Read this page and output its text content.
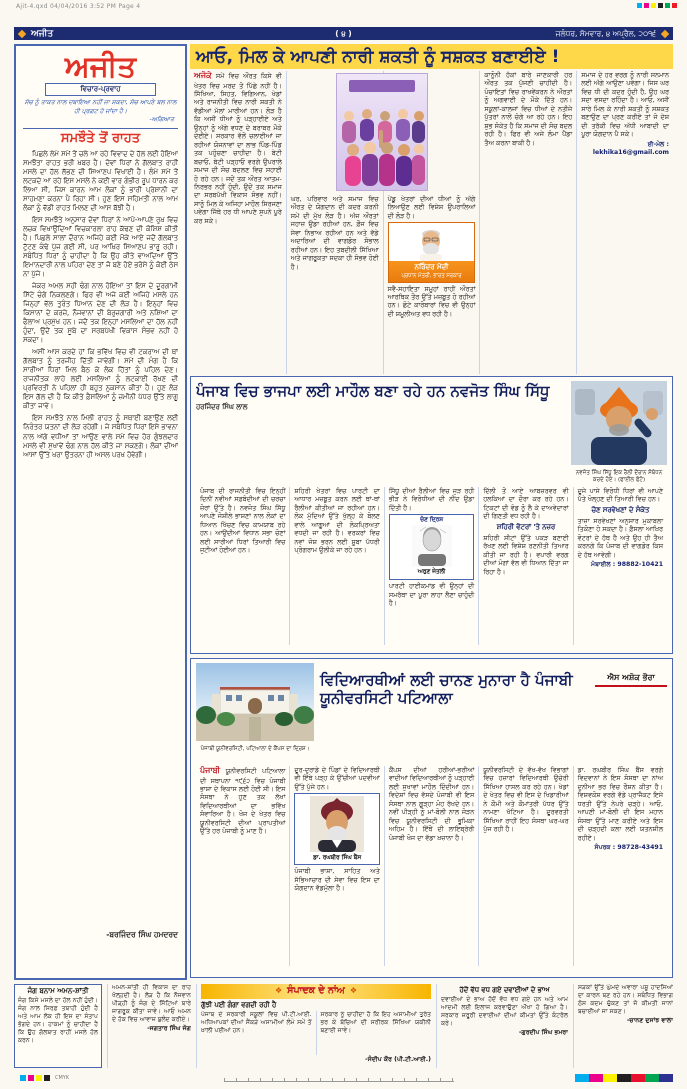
Ajit-4.qxd 04/04/2016 3:52 PM Page 4
ਅਜੀਤ	( ੪ )	ਜਲੰਧਰ, ਸੋਮਵਾਰ, ੪ ਅਪ੍ਰੈਲ, ੨੦੧੬
ਅਜੀਤ
ਵਿਚਾਰ-ਪ੍ਰਵਾਹ
ਸੱਚ ਨੂੰ ਤਾਕਤ ਨਾਲ ਦਬਾਇਆ ਨਹੀਂ ਜਾ ਸਕਦਾ, ਸੱਚ ਆਪਣੇ ਬਲ ਨਾਲ ਹੀ ਪ੍ਰਗਟ ਹੋ ਜਾਂਦਾ ਹੈ।
-ਅਗਿਆਤ
ਸਮਝੌਤੇ ਤੋਂ ਰਾਹਤ

ਪਿਛਲੇ ਲੰਮੇ ਸਮੇਂ ਤੋਂ ਚਲੇ ਆ ਰਹੇ ਵਿਵਾਦ ਦੇ ਹੱਲ ਲਈ ਹੋਇਆ ਸਮਝੌਤਾ ਰਾਹਤ ਭਰੀ ਖ਼ਬਰ ਹੈ। ਦੋਵਾਂ ਧਿਰਾਂ ਨੇ ਗੱਲਬਾਤ ਰਾਹੀਂ ਮਸਲੇ ਦਾ ਹੱਲ ਲੱਭਣ ਦੀ ਸਿਆਣਪ ਵਿਖਾਈ ਹੈ। ਲੰਮੇ ਸਮੇਂ ਤੋਂ ਲਟਕਦੇ ਆ ਰਹੇ ਇਸ ਮਸਲੇ ਨੇ ਕਈ ਵਾਰ ਗੰਭੀਰ ਰੂਪ ਧਾਰਨ ਕਰ ਲਿਆ ਸੀ, ਜਿਸ ਕਾਰਨ ਆਮ ਲੋਕਾਂ ਨੂੰ ਭਾਰੀ ਪ੍ਰੇਸ਼ਾਨੀ ਦਾ ਸਾਹਮਣਾ ਕਰਨਾ ਪੈ ਰਿਹਾ ਸੀ। ਹੁਣ ਇਸ ਸਹਿਮਤੀ ਨਾਲ ਆਮ ਲੋਕਾਂ ਨੂੰ ਵੱਡੀ ਰਾਹਤ ਮਿਲਣ ਦੀ ਆਸ ਬੱਝੀ ਹੈ।

ਇਸ ਸਮਝੌਤੇ ਅਨੁਸਾਰ ਦੋਵਾਂ ਧਿਰਾਂ ਨੇ ਆਪੋ-ਆਪਣੇ ਰੁਖ਼ ਵਿਚ ਲਚਕ ਵਿਖਾਉਂਦਿਆਂ ਵਿਚਕਾਰਲਾ ਰਾਹ ਕੱਢਣ ਦੀ ਕੋਸ਼ਿਸ਼ ਕੀਤੀ ਹੈ। ਪਿਛਲੇ ਸਾਲਾਂ ਦੌਰਾਨ ਅਜਿਹੇ ਕਈ ਮੌਕੇ ਆਏ ਜਦੋਂ ਗੱਲਬਾਤ ਟੁੱਟਣ ਕੰਢੇ ਪੁੱਜ ਗਈ ਸੀ, ਪਰ ਆਖ਼ਿਰ ਸਿਆਣਪ ਭਾਰੂ ਰਹੀ। ਸਬੰਧਿਤ ਧਿਰਾਂ ਨੂੰ ਚਾਹੀਦਾ ਹੈ ਕਿ ਉਹ ਕੀਤੇ ਵਾਅਦਿਆਂ ਉੱਤੇ ਇਮਾਨਦਾਰੀ ਨਾਲ ਪਹਿਰਾ ਦੇਣ ਤਾਂ ਜੋ ਬਣੇ ਹੋਏ ਭਰੋਸੇ ਨੂੰ ਕੋਈ ਠੇਸ ਨਾ ਪੁੱਜੇ।

ਜੇਕਰ ਅਮਲ ਸਹੀ ਢੰਗ ਨਾਲ ਹੋਇਆ ਤਾਂ ਇਸ ਦੇ ਦੂਰਗਾਮੀ ਸਿੱਟੇ ਚੰਗੇ ਨਿਕਲਣਗੇ। ਫਿਰ ਵੀ ਅਜੇ ਕਈ ਅਜਿਹੇ ਮਸਲੇ ਹਨ ਜਿਨ੍ਹਾਂ ਵੱਲ ਤੁਰੰਤ ਧਿਆਨ ਦੇਣ ਦੀ ਲੋੜ ਹੈ। ਇਨ੍ਹਾਂ ਵਿਚ ਕਿਸਾਨਾਂ ਦੇ ਕਰਜ਼ੇ, ਨੌਜਵਾਨਾਂ ਦੀ ਬੇਰੁਜ਼ਗਾਰੀ ਅਤੇ ਨਸ਼ਿਆਂ ਦਾ ਫੈਲਾਅ ਪ੍ਰਮੁੱਖ ਹਨ। ਜਦੋਂ ਤਕ ਇਨ੍ਹਾਂ ਮਸਲਿਆਂ ਦਾ ਹੱਲ ਨਹੀਂ ਹੁੰਦਾ, ਉਦੋਂ ਤਕ ਸੂਬੇ ਦਾ ਸਰਬਪੱਖੀ ਵਿਕਾਸ ਸੰਭਵ ਨਹੀਂ ਹੋ ਸਕਦਾ।

ਅਸੀਂ ਆਸ ਕਰਦੇ ਹਾਂ ਕਿ ਭਵਿੱਖ ਵਿਚ ਵੀ ਟਕਰਾਅ ਦੀ ਥਾਂ ਗੱਲਬਾਤ ਨੂੰ ਤਰਜੀਹ ਦਿੱਤੀ ਜਾਵੇਗੀ। ਸਮੇਂ ਦੀ ਮੰਗ ਹੈ ਕਿ ਸਾਰੀਆਂ ਧਿਰਾਂ ਮਿਲ ਬੈਠ ਕੇ ਲੋਕ ਹਿੱਤਾਂ ਨੂੰ ਪਹਿਲ ਦੇਣ। ਰਾਜਨੀਤਕ ਲਾਹੇ ਲਈ ਮਸਲਿਆਂ ਨੂੰ ਲਟਕਾਈ ਰੱਖਣ ਦੀ ਪ੍ਰਵਿਰਤੀ ਨੇ ਪਹਿਲਾਂ ਹੀ ਬਹੁਤ ਨੁਕਸਾਨ ਕੀਤਾ ਹੈ। ਹੁਣ ਲੋੜ ਇਸ ਗੱਲ ਦੀ ਹੈ ਕਿ ਕੀਤੇ ਫ਼ੈਸਲਿਆਂ ਨੂੰ ਜ਼ਮੀਨੀ ਪੱਧਰ ਉੱਤੇ ਲਾਗੂ ਕੀਤਾ ਜਾਵੇ।

ਇਸ ਸਮਝੌਤੇ ਨਾਲ ਮਿਲੀ ਰਾਹਤ ਨੂੰ ਸਥਾਈ ਬਣਾਉਣ ਲਈ ਨਿਰੰਤਰ ਯਤਨਾਂ ਦੀ ਲੋੜ ਰਹੇਗੀ। ਜੇ ਸਬੰਧਿਤ ਧਿਰਾਂ ਇਸੇ ਭਾਵਨਾ ਨਾਲ ਅੱਗੇ ਵਧੀਆਂ ਤਾਂ ਆਉਣ ਵਾਲੇ ਸਮੇਂ ਵਿਚ ਹੋਰ ਗੁੰਝਲਦਾਰ ਮਸਲੇ ਵੀ ਸੁਖਾਵੇਂ ਢੰਗ ਨਾਲ ਹੱਲ ਕੀਤੇ ਜਾ ਸਕਣਗੇ। ਲੋਕਾਂ ਦੀਆਂ ਆਸਾਂ ਉੱਤੇ ਖਰਾ ਉਤਰਨਾ ਹੀ ਅਸਲ ਪਰਖ ਹੋਵੇਗੀ।

-ਬਰਜਿੰਦਰ ਸਿੰਘ ਹਮਦਰਦ
ਆਓ, ਮਿਲ ਕੇ ਆਪਣੀ ਨਾਰੀ ਸ਼ਕਤੀ ਨੂੰ ਸਸ਼ਕਤ ਬਣਾਈਏ !
ਅਜੋਕੇ ਸਮੇਂ ਵਿਚ ਔਰਤ ਕਿਸੇ ਵੀ ਖੇਤਰ ਵਿਚ ਮਰਦ ਤੋਂ ਪਿੱਛੇ ਨਹੀਂ ਹੈ। ਸਿੱਖਿਆ, ਸਿਹਤ, ਵਿਗਿਆਨ, ਖੇਡਾਂ ਅਤੇ ਰਾਜਨੀਤੀ ਵਿਚ ਨਾਰੀ ਸ਼ਕਤੀ ਨੇ ਵੱਡੀਆਂ ਮੱਲਾਂ ਮਾਰੀਆਂ ਹਨ। ਲੋੜ ਹੈ ਕਿ ਅਸੀਂ ਧੀਆਂ ਨੂੰ ਪੜ੍ਹਾਈਏ ਅਤੇ ਉਨ੍ਹਾਂ ਨੂੰ ਅੱਗੇ ਵਧਣ ਦੇ ਬਰਾਬਰ ਮੌਕੇ ਦੇਈਏ। ਸਰਕਾਰ ਵੱਲੋਂ ਚਲਾਈਆਂ ਜਾ ਰਹੀਆਂ ਯੋਜਨਾਵਾਂ ਦਾ ਲਾਭ ਪਿੰਡ-ਪਿੰਡ ਤਕ ਪਹੁੰਚਣਾ ਚਾਹੀਦਾ ਹੈ। ਬੇਟੀ ਬਚਾਓ, ਬੇਟੀ ਪੜ੍ਹਾਓ ਵਰਗੇ ਉਪਰਾਲੇ ਸਮਾਜ ਦੀ ਸੋਚ ਬਦਲਣ ਵਿਚ ਸਹਾਈ ਹੋ ਰਹੇ ਹਨ। ਜਦੋਂ ਤਕ ਔਰਤ ਆਤਮ-ਨਿਰਭਰ ਨਹੀਂ ਹੁੰਦੀ, ਉਦੋਂ ਤਕ ਸਮਾਜ ਦਾ ਸਰਬਪੱਖੀ ਵਿਕਾਸ ਸੰਭਵ ਨਹੀਂ। ਸਾਨੂੰ ਮਿਲ ਕੇ ਅਜਿਹਾ ਮਾਹੌਲ ਸਿਰਜਣਾ ਪਵੇਗਾ ਜਿੱਥੇ ਹਰ ਧੀ ਆਪਣੇ ਸੁਪਨੇ ਪੂਰੇ ਕਰ ਸਕੇ।
ਘਰ, ਪਰਿਵਾਰ ਅਤੇ ਸਮਾਜ ਵਿਚ ਔਰਤ ਦੇ ਯੋਗਦਾਨ ਦੀ ਕਦਰ ਕਰਨੀ ਸਮੇਂ ਦੀ ਮੁੱਖ ਲੋੜ ਹੈ। ਅੱਜ ਔਰਤਾਂ ਜਹਾਜ਼ ਉਡਾ ਰਹੀਆਂ ਹਨ, ਫ਼ੌਜ ਵਿਚ ਸੇਵਾ ਨਿਭਾਅ ਰਹੀਆਂ ਹਨ ਅਤੇ ਵੱਡੇ ਅਦਾਰਿਆਂ ਦੀ ਵਾਗਡੋਰ ਸੰਭਾਲ ਰਹੀਆਂ ਹਨ। ਇਹ ਤਬਦੀਲੀ ਸਿੱਖਿਆ ਅਤੇ ਜਾਗਰੂਕਤਾ ਸਦਕਾ ਹੀ ਸੰਭਵ ਹੋਈ ਹੈ।
ਪੇਂਡੂ ਖੇਤਰਾਂ ਦੀਆਂ ਧੀਆਂ ਨੂੰ ਅੱਗੇ ਲਿਆਉਣ ਲਈ ਵਿਸ਼ੇਸ਼ ਉਪਰਾਲਿਆਂ ਦੀ ਲੋੜ ਹੈ।
ਨਰਿੰਦਰ ਮੋਦੀ
ਪ੍ਰਧਾਨ ਮੰਤਰੀ, ਭਾਰਤ ਸਰਕਾਰ
ਸਵੈ-ਸਹਾਇਤਾ ਸਮੂਹਾਂ ਰਾਹੀਂ ਔਰਤਾਂ ਆਰਥਿਕ ਤੌਰ ਉੱਤੇ ਮਜ਼ਬੂਤ ਹੋ ਰਹੀਆਂ ਹਨ। ਛੋਟੇ ਕਾਰੋਬਾਰਾਂ ਵਿਚ ਵੀ ਉਨ੍ਹਾਂ ਦੀ ਸ਼ਮੂਲੀਅਤ ਵਧ ਰਹੀ ਹੈ।
ਕਾਨੂੰਨੀ ਹੱਕਾਂ ਬਾਰੇ ਜਾਣਕਾਰੀ ਹਰ ਔਰਤ ਤਕ ਪੁੱਜਣੀ ਚਾਹੀਦੀ ਹੈ। ਪੰਚਾਇਤਾਂ ਵਿਚ ਰਾਖਵੇਂਕਰਨ ਨੇ ਔਰਤਾਂ ਨੂੰ ਅਗਵਾਈ ਦੇ ਮੌਕੇ ਦਿੱਤੇ ਹਨ। ਸਕੂਲਾਂ-ਕਾਲਜਾਂ ਵਿਚ ਧੀਆਂ ਦੇ ਨਤੀਜੇ ਪੁੱਤਰਾਂ ਨਾਲੋਂ ਚੰਗੇ ਆ ਰਹੇ ਹਨ। ਇਹ ਸ਼ੁਭ ਸੰਕੇਤ ਹੈ ਕਿ ਸਮਾਜ ਦੀ ਸੋਚ ਬਦਲ ਰਹੀ ਹੈ। ਫਿਰ ਵੀ ਅਜੇ ਲੰਮਾ ਪੈਂਡਾ ਤੈਅ ਕਰਨਾ ਬਾਕੀ ਹੈ।
ਸਮਾਜ ਦੇ ਹਰ ਵਰਗ ਨੂੰ ਨਾਰੀ ਸਨਮਾਨ ਲਈ ਅੱਗੇ ਆਉਣਾ ਪਵੇਗਾ। ਜਿਸ ਘਰ ਵਿਚ ਧੀ ਦੀ ਕਦਰ ਹੁੰਦੀ ਹੈ, ਉਹ ਘਰ ਸਦਾ ਵਸਦਾ ਰਹਿੰਦਾ ਹੈ। ਆਓ, ਅਸੀਂ ਸਾਰੇ ਮਿਲ ਕੇ ਨਾਰੀ ਸ਼ਕਤੀ ਨੂੰ ਸਸ਼ਕਤ ਬਣਾਉਣ ਦਾ ਪ੍ਰਣ ਕਰੀਏ ਤਾਂ ਜੋ ਦੇਸ਼ ਦੀ ਤਰੱਕੀ ਵਿਚ ਅੱਧੀ ਆਬਾਦੀ ਦਾ ਪੂਰਾ ਯੋਗਦਾਨ ਪੈ ਸਕੇ।
ਈ-ਮੇਲ : lekhika16@gmail.com
ਪੰਜਾਬ ਵਿਚ ਭਾਜਪਾ ਲਈ ਮਾਹੌਲ ਬਣਾ ਰਹੇ ਹਨ ਨਵਜੋਤ ਸਿੰਘ ਸਿੱਧੂ
ਹਰਜਿੰਦਰ ਸਿੰਘ ਲਾਲ
ਨਵਜੋਤ ਸਿੰਘ ਸਿੱਧੂ ਇਕ ਰੈਲੀ ਦੌਰਾਨ ਸੰਬੋਧਨ ਕਰਦੇ ਹੋਏ। (ਫਾਈਲ ਫੋਟੋ)
ਪੰਜਾਬ ਦੀ ਰਾਜਨੀਤੀ ਵਿਚ ਇਨ੍ਹੀਂ ਦਿਨੀਂ ਨਵੀਆਂ ਸਫ਼ਬੰਦੀਆਂ ਦੀ ਚਰਚਾ ਜ਼ੋਰਾਂ ਉੱਤੇ ਹੈ। ਨਵਜੋਤ ਸਿੰਘ ਸਿੱਧੂ ਆਪਣੇ ਜੋਸ਼ੀਲੇ ਭਾਸ਼ਣਾਂ ਨਾਲ ਲੋਕਾਂ ਦਾ ਧਿਆਨ ਖਿੱਚਣ ਵਿਚ ਕਾਮਯਾਬ ਰਹੇ ਹਨ। ਆਉਂਦੀਆਂ ਵਿਧਾਨ ਸਭਾ ਚੋਣਾਂ ਲਈ ਸਾਰੀਆਂ ਧਿਰਾਂ ਤਿਆਰੀ ਵਿਚ ਜੁਟੀਆਂ ਹੋਈਆਂ ਹਨ।
ਸ਼ਹਿਰੀ ਖੇਤਰਾਂ ਵਿਚ ਪਾਰਟੀ ਦਾ ਆਧਾਰ ਮਜ਼ਬੂਤ ਕਰਨ ਲਈ ਥਾਂ-ਥਾਂ ਰੈਲੀਆਂ ਕੀਤੀਆਂ ਜਾ ਰਹੀਆਂ ਹਨ। ਲੋਕ ਮੁੱਦਿਆਂ ਉੱਤੇ ਖੁੱਲ੍ਹ ਕੇ ਬੋਲਣ ਵਾਲੇ ਆਗੂਆਂ ਦੀ ਲੋਕਪ੍ਰਿਅਤਾ ਵਧਦੀ ਜਾ ਰਹੀ ਹੈ। ਵਰਕਰਾਂ ਵਿਚ ਨਵਾਂ ਜੋਸ਼ ਭਰਨ ਲਈ ਸੂਬਾ ਪੱਧਰੀ ਪ੍ਰੋਗਰਾਮ ਉਲੀਕੇ ਜਾ ਰਹੇ ਹਨ।
ਸਿੱਧੂ ਦੀਆਂ ਰੈਲੀਆਂ ਵਿਚ ਜੁੜ ਰਹੀ ਭੀੜ ਨੇ ਵਿਰੋਧੀਆਂ ਦੀ ਨੀਂਦ ਉਡਾ ਦਿੱਤੀ ਹੈ।
ਚੋਣ ਦ੍ਰਿਸ਼
ਅਰੁਣ ਜੇਤਲੀ
ਪਾਰਟੀ ਹਾਈਕਮਾਂਡ ਵੀ ਉਨ੍ਹਾਂ ਦੀ ਸਮਰੱਥਾ ਦਾ ਪੂਰਾ ਲਾਹਾ ਲੈਣਾ ਚਾਹੁੰਦੀ ਹੈ।
ਦਿੱਲੀ ਤੋਂ ਆਏ ਆਬਜ਼ਰਵਰ ਵੀ ਹਲਕਿਆਂ ਦਾ ਦੌਰਾ ਕਰ ਰਹੇ ਹਨ। ਟਿਕਟਾਂ ਦੀ ਵੰਡ ਨੂੰ ਲੈ ਕੇ ਦਾਅਵੇਦਾਰਾਂ ਦੀ ਗਿਣਤੀ ਵਧ ਰਹੀ ਹੈ।
ਸ਼ਹਿਰੀ ਵੋਟਰਾਂ 'ਤੇ ਨਜ਼ਰ
ਸ਼ਹਿਰੀ ਸੀਟਾਂ ਉੱਤੇ ਪਕੜ ਬਣਾਈ ਰੱਖਣ ਲਈ ਵਿਸ਼ੇਸ਼ ਰਣਨੀਤੀ ਤਿਆਰ ਕੀਤੀ ਜਾ ਰਹੀ ਹੈ। ਵਪਾਰੀ ਵਰਗ ਦੀਆਂ ਮੰਗਾਂ ਵੱਲ ਵੀ ਧਿਆਨ ਦਿੱਤਾ ਜਾ ਰਿਹਾ ਹੈ।
ਦੂਜੇ ਪਾਸੇ ਵਿਰੋਧੀ ਧਿਰਾਂ ਵੀ ਆਪਣੇ ਪੱਤੇ ਖੋਲ੍ਹਣ ਦੀ ਤਿਆਰੀ ਵਿਚ ਹਨ।
ਚੋਣ ਸਰਵੇਖਣਾਂ ਦੇ ਸੰਕੇਤ
ਤਾਜ਼ਾ ਸਰਵੇਖਣਾਂ ਅਨੁਸਾਰ ਮੁਕਾਬਲਾ ਤਿਕੋਣਾ ਹੋ ਸਕਦਾ ਹੈ। ਫ਼ੈਸਲਾ ਆਖ਼ਿਰ ਵੋਟਰਾਂ ਦੇ ਹੱਥ ਹੈ ਅਤੇ ਉਹ ਹੀ ਤੈਅ ਕਰਨਗੇ ਕਿ ਪੰਜਾਬ ਦੀ ਵਾਗਡੋਰ ਕਿਸ ਦੇ ਹੱਥ ਆਵੇਗੀ।
ਮੋਬਾਈਲ : 98882-10421
ਪੰਜਾਬੀ ਯੂਨੀਵਰਸਿਟੀ, ਪਟਿਆਲਾ ਦੇ ਕੈਂਪਸ ਦਾ ਦ੍ਰਿਸ਼।
ਵਿਦਿਆਰਥੀਆਂ ਲਈ ਚਾਨਣ ਮੁਨਾਰਾ ਹੈ ਪੰਜਾਬੀ ਯੂਨੀਵਰਸਿਟੀ ਪਟਿਆਲਾ
ਐਸ ਅਸ਼ੋਕ ਭੌਰਾ
ਪੰਜਾਬੀ ਯੂਨੀਵਰਸਿਟੀ ਪਟਿਆਲਾ ਦੀ ਸਥਾਪਨਾ ੧੯੬੨ ਵਿਚ ਪੰਜਾਬੀ ਭਾਸ਼ਾ ਦੇ ਵਿਕਾਸ ਲਈ ਹੋਈ ਸੀ। ਇਸ ਸੰਸਥਾ ਨੇ ਹੁਣ ਤਕ ਲੱਖਾਂ ਵਿਦਿਆਰਥੀਆਂ ਦਾ ਭਵਿੱਖ ਸੰਵਾਰਿਆ ਹੈ। ਖੋਜ ਦੇ ਖੇਤਰ ਵਿਚ ਯੂਨੀਵਰਸਿਟੀ ਦੀਆਂ ਪ੍ਰਾਪਤੀਆਂ ਉੱਤੇ ਹਰ ਪੰਜਾਬੀ ਨੂੰ ਮਾਣ ਹੈ।
ਦੂਰ-ਦੁਰਾਡੇ ਦੇ ਪਿੰਡਾਂ ਦੇ ਵਿਦਿਆਰਥੀ ਵੀ ਇੱਥੇ ਪੜ੍ਹ ਕੇ ਉੱਚੀਆਂ ਪਦਵੀਆਂ ਉੱਤੇ ਪੁੱਜੇ ਹਨ।
ਡਾ. ਰਘਬੀਰ ਸਿੰਘ ਬੈਂਸ
ਪੰਜਾਬੀ ਭਾਸ਼ਾ, ਸਾਹਿਤ ਅਤੇ ਸੱਭਿਆਚਾਰ ਦੀ ਸੇਵਾ ਵਿਚ ਇਸ ਦਾ ਯੋਗਦਾਨ ਵੱਡਮੁੱਲਾ ਹੈ।
ਕੈਂਪਸ ਦੀਆਂ ਹਰੀਆਂ-ਭਰੀਆਂ ਵਾਦੀਆਂ ਵਿਦਿਆਰਥੀਆਂ ਨੂੰ ਪੜ੍ਹਾਈ ਲਈ ਸੁਖਾਵਾਂ ਮਾਹੌਲ ਦਿੰਦੀਆਂ ਹਨ। ਵਿਦੇਸ਼ਾਂ ਵਿਚ ਵੱਸਦੇ ਪੰਜਾਬੀ ਵੀ ਇਸ ਸੰਸਥਾ ਨਾਲ ਗੂੜ੍ਹਾ ਮੋਹ ਰੱਖਦੇ ਹਨ। ਨਵੀਂ ਪੀੜ੍ਹੀ ਨੂੰ ਮਾਂ-ਬੋਲੀ ਨਾਲ ਜੋੜਨ ਵਿਚ ਯੂਨੀਵਰਸਿਟੀ ਦੀ ਭੂਮਿਕਾ ਅਹਿਮ ਹੈ। ਇੱਥੋਂ ਦੀ ਲਾਇਬ੍ਰੇਰੀ ਪੰਜਾਬੀ ਖੋਜ ਦਾ ਵੱਡਾ ਖ਼ਜ਼ਾਨਾ ਹੈ।
ਯੂਨੀਵਰਸਿਟੀ ਦੇ ਵੱਖ-ਵੱਖ ਵਿਭਾਗਾਂ ਵਿਚ ਹਜ਼ਾਰਾਂ ਵਿਦਿਆਰਥੀ ਉਚੇਰੀ ਸਿੱਖਿਆ ਹਾਸਲ ਕਰ ਰਹੇ ਹਨ। ਖੇਡਾਂ ਦੇ ਖੇਤਰ ਵਿਚ ਵੀ ਇਸ ਦੇ ਖਿਡਾਰੀਆਂ ਨੇ ਕੌਮੀ ਅਤੇ ਕੌਮਾਂਤਰੀ ਪੱਧਰ ਉੱਤੇ ਨਾਮਣਾ ਖੱਟਿਆ ਹੈ। ਦੂਰਵਰਤੀ ਸਿੱਖਿਆ ਰਾਹੀਂ ਇਹ ਸੰਸਥਾ ਘਰ-ਘਰ ਪੁੱਜ ਰਹੀ ਹੈ।
ਡਾ. ਰਘਬੀਰ ਸਿੰਘ ਬੈਂਸ ਵਰਗੇ ਵਿਦਵਾਨਾਂ ਨੇ ਇਸ ਸੰਸਥਾ ਦਾ ਨਾਂਅ ਦੁਨੀਆ ਭਰ ਵਿਚ ਰੌਸ਼ਨ ਕੀਤਾ ਹੈ। ਵਿਸ਼ਵਕੋਸ਼ ਵਰਗੇ ਵੱਡੇ ਪ੍ਰਾਜੈਕਟ ਇਸੇ ਧਰਤੀ ਉੱਤੇ ਨੇਪਰੇ ਚੜ੍ਹੇ। ਆਓ, ਆਪਣੀ ਮਾਂ-ਬੋਲੀ ਦੀ ਇਸ ਮਹਾਨ ਸੰਸਥਾ ਉੱਤੇ ਮਾਣ ਕਰੀਏ ਅਤੇ ਇਸ ਦੀ ਚੜ੍ਹਦੀ ਕਲਾ ਲਈ ਯਤਨਸ਼ੀਲ ਰਹੀਏ।
ਸੰਪਰਕ : 98728-43491
ਜੰਗ ਬਨਾਮ ਅਮਨ-ਸ਼ਾਂਤੀ
ਜੰਗ ਕਿਸੇ ਮਸਲੇ ਦਾ ਹੱਲ ਨਹੀਂ ਹੁੰਦੀ। ਜੰਗ ਨਾਲ ਸਿਰਫ਼ ਤਬਾਹੀ ਹੁੰਦੀ ਹੈ ਅਤੇ ਆਮ ਲੋਕ ਹੀ ਇਸ ਦਾ ਸੰਤਾਪ ਭੋਗਦੇ ਹਨ। ਹਾਕਮਾਂ ਨੂੰ ਚਾਹੀਦਾ ਹੈ ਕਿ ਉਹ ਗੱਲਬਾਤ ਰਾਹੀਂ ਮਸਲੇ ਹੱਲ ਕਰਨ।
ਅਮਨ-ਸ਼ਾਂਤੀ ਹੀ ਵਿਕਾਸ ਦਾ ਰਾਹ ਖੋਲ੍ਹਦੀ ਹੈ। ਲੋੜ ਹੈ ਕਿ ਨੌਜਵਾਨ ਪੀੜ੍ਹੀ ਨੂੰ ਜੰਗ ਦੇ ਸਿੱਟਿਆਂ ਬਾਰੇ ਜਾਗਰੂਕ ਕੀਤਾ ਜਾਵੇ। ਆਓ ਅਮਨ ਦੇ ਹੱਕ ਵਿਚ ਆਵਾਜ਼ ਬੁਲੰਦ ਕਰੀਏ।
-ਜਗਤਾਰ ਸਿੰਘ ਜੋਗ
❖ ਸੰਪਾਦਕ ਦੇ ਨਾਂਅ ❖
ਗੁੱਝੀ ਪਈ ਗੰਗਾ ਵਗਦੀ ਰਹੀ ਹੈ
ਪੰਜਾਬ ਦੇ ਸਰਕਾਰੀ ਸਕੂਲਾਂ ਵਿਚ ਪੀ.ਟੀ.ਆਈ. ਅਧਿਆਪਕਾਂ ਦੀਆਂ ਸੈਂਕੜੇ ਅਸਾਮੀਆਂ ਲੰਮੇ ਸਮੇਂ ਤੋਂ ਖ਼ਾਲੀ ਪਈਆਂ ਹਨ।
ਸਰਕਾਰ ਨੂੰ ਚਾਹੀਦਾ ਹੈ ਕਿ ਇਹ ਅਸਾਮੀਆਂ ਤੁਰੰਤ ਭਰ ਕੇ ਬੱਚਿਆਂ ਦੀ ਸਰੀਰਕ ਸਿੱਖਿਆ ਯਕੀਨੀ ਬਣਾਈ ਜਾਵੇ।
-ਸੰਦੀਪ ਕੌਰ (ਪੀ.ਟੀ.ਆਈ.)
ਹੱਦੋਂ ਵੱਧ ਵਧ ਗਏ ਦਵਾਈਆਂ ਦੇ ਭਾਅ
ਦਵਾਈਆਂ ਦੇ ਭਾਅ ਹੱਦੋਂ ਵੱਧ ਵਧ ਗਏ ਹਨ ਅਤੇ ਆਮ ਆਦਮੀ ਲਈ ਇਲਾਜ ਕਰਵਾਉਣਾ ਔਖਾ ਹੋ ਗਿਆ ਹੈ। ਸਰਕਾਰ ਜ਼ਰੂਰੀ ਦਵਾਈਆਂ ਦੀਆਂ ਕੀਮਤਾਂ ਉੱਤੇ ਕੰਟਰੋਲ ਕਰੇ।
-ਗੁਰਦੀਪ ਸਿੰਘ ਭਮਰਾ
ਸੜਕਾਂ ਉੱਤੇ ਘੁੰਮਦੇ ਅਵਾਰਾ ਪਸ਼ੂ ਹਾਦਸਿਆਂ ਦਾ ਕਾਰਨ ਬਣ ਰਹੇ ਹਨ। ਸਬੰਧਿਤ ਵਿਭਾਗ ਠੋਸ ਕਦਮ ਚੁੱਕਣ ਤਾਂ ਜੋ ਕੀਮਤੀ ਜਾਨਾਂ ਬਚਾਈਆਂ ਜਾ ਸਕਣ।
-ਚਾਨਣ ਦੁਸਾਂਝ ਵਾਲਾ
CMYK
